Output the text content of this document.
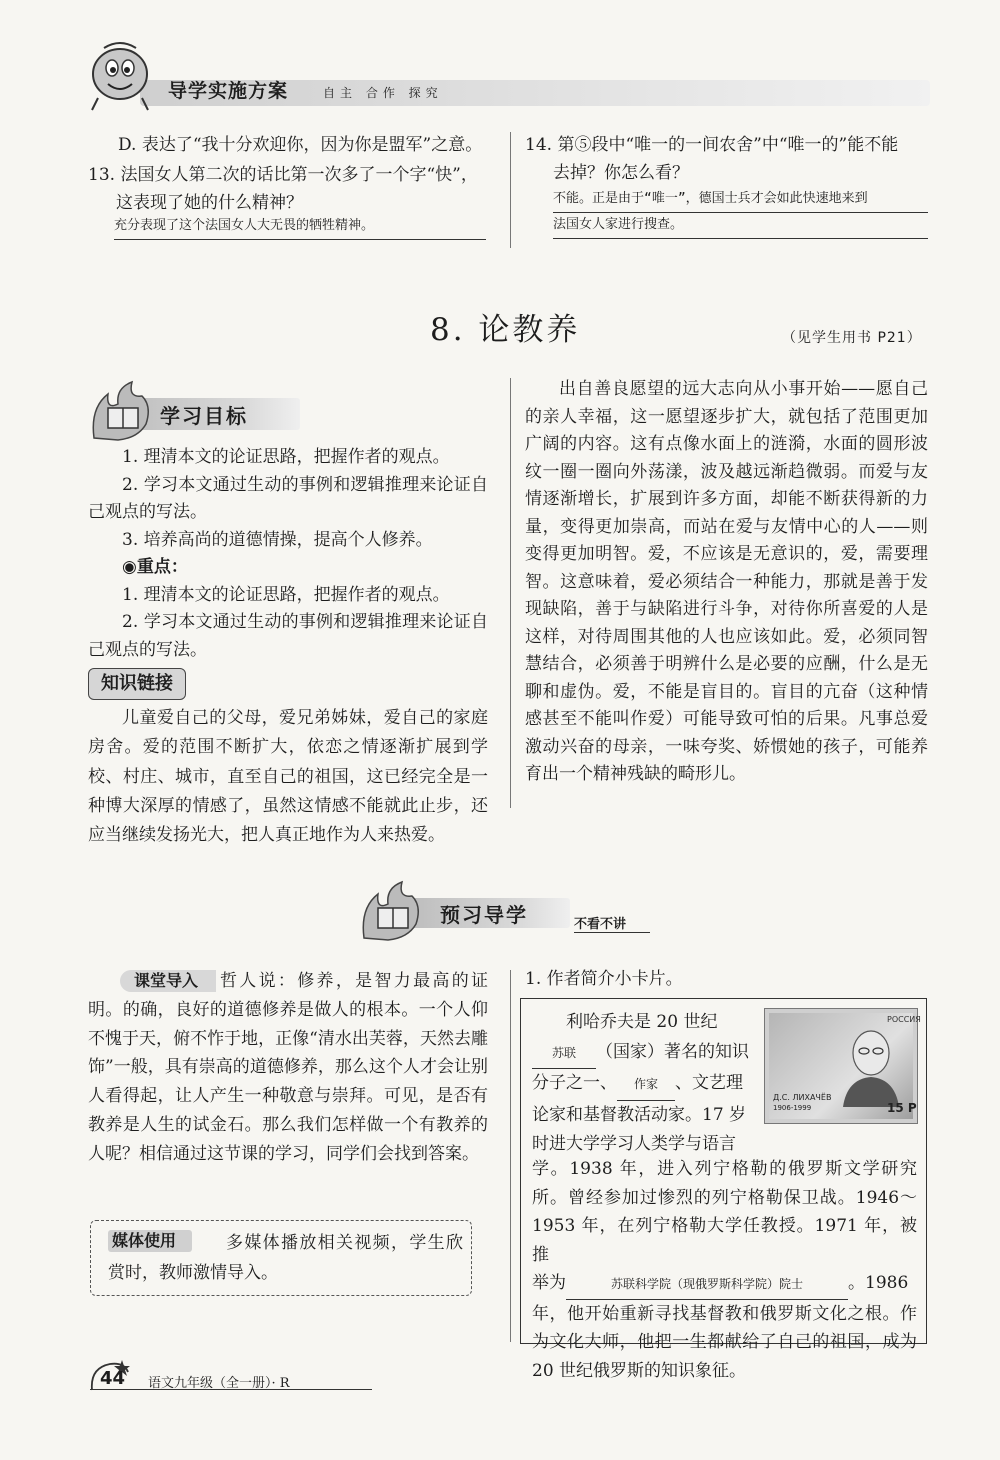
导学实施方案	自主 合作 探究
D. 表达了“我十分欢迎你，因为你是盟军”之意。
13. 法国女人第二次的话比第一次多了一个字“快”，
这表现了她的什么精神？
充分表现了这个法国女人大无畏的牺牲精神。
14. 第⑤段中“唯一的一间农舍”中“唯一的”能不能
去掉？你怎么看？
不能。正是由于“唯一”，德国士兵才会如此快速地来到
法国女人家进行搜查。
8. 论教养	（见学生用书 P21）
学习目标

1. 理清本文的论证思路，把握作者的观点。

2. 学习本文通过生动的事例和逻辑推理来论证自己观点的写法。

3. 培养高尚的道德情操，提高个人修养。

◉重点：

1. 理清本文的论证思路，把握作者的观点。

2. 学习本文通过生动的事例和逻辑推理来论证自己观点的写法。

知识链接
儿童爱自己的父母，爱兄弟姊妹，爱自己的家庭房舍。爱的范围不断扩大，依恋之情逐渐扩展到学校、村庄、城市，直至自己的祖国，这已经完全是一种博大深厚的情感了，虽然这情感不能就此止步，还应当继续发扬光大，把人真正地作为人来热爱。
出自善良愿望的远大志向从小事开始——愿自己的亲人幸福，这一愿望逐步扩大，就包括了范围更加广阔的内容。这有点像水面上的涟漪，水面的圆形波纹一圈一圈向外荡漾，波及越远渐趋微弱。而爱与友情逐渐增长，扩展到许多方面，却能不断获得新的力量，变得更加崇高，而站在爱与友情中心的人——则变得更加明智。爱，不应该是无意识的，爱，需要理智。这意味着，爱必须结合一种能力，那就是善于发现缺陷，善于与缺陷进行斗争，对待你所喜爱的人是这样，对待周围其他的人也应该如此。爱，必须同智慧结合，必须善于明辨什么是必要的应酬，什么是无聊和虚伪。爱，不能是盲目的。盲目的亢奋（这种情感甚至不能叫作爱）可能导致可怕的后果。凡事总爱激动兴奋的母亲，一味夸奖、娇惯她的孩子，可能养育出一个精神残缺的畸形儿。
预习导学	不看不讲
课堂导入	哲人说：修养，是智力最高的证明。的确，良好的道德修养是做人的根本。一个人仰不愧于天，俯不怍于地，正像“清水出芙蓉，天然去雕饰”一般，具有崇高的道德修养，那么这个人才会让别人看得起，让人产生一种敬意与崇拜。可见，是否有教养是人生的试金石。那么我们怎样做一个有教养的人呢？相信通过这节课的学习，同学们会找到答案。
媒体使用	多媒体播放相关视频，学生欣赏时，教师激情导入。
1. 作者简介小卡片。
POCCИЯ
Д.С. ЛИХАЧЁВ
1906-1999	15 P

利哈乔夫是 20 世纪

苏联 （国家）著名的知识

分子之一、 作家 、文艺理

论家和基督教活动家。17 岁

时进大学学习人类学与语言

学。1938 年，进入列宁格勒的俄罗斯文学研究所。曾经参加过惨烈的列宁格勒保卫战。1946～1953 年，在列宁格勒大学任教授。1971 年，被推

举为	苏联科学院（现俄罗斯科学院）院士	。1986

年，他开始重新寻找基督教和俄罗斯文化之根。作为文化大师，他把一生都献给了自己的祖国，成为 20 世纪俄罗斯的知识象征。

44 语文九年级（全一册）· R
